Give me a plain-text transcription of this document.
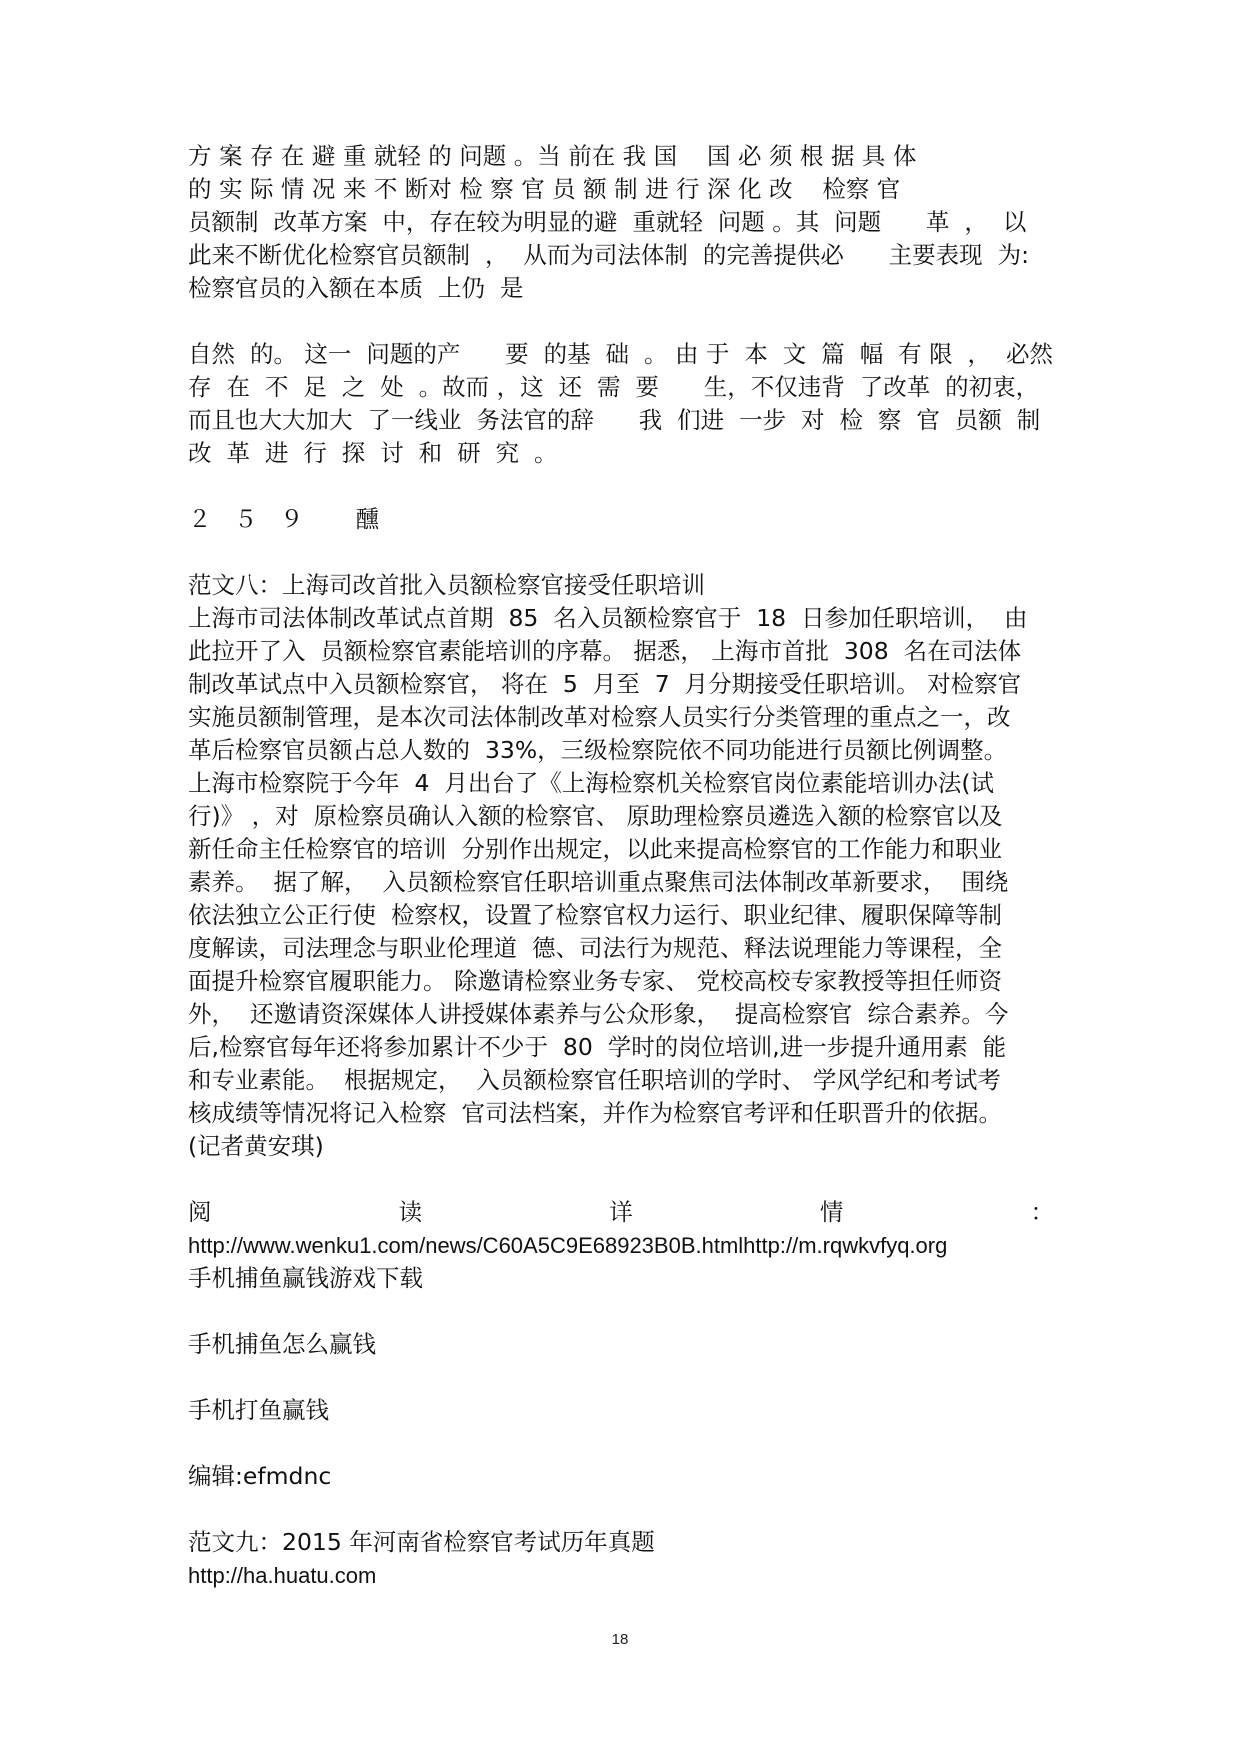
方 案 存 在 避 重 就轻 的 问题 。当 前在 我 国    国 必 须 根 据 具 体
的 实 际 情 况 来 不 断对 检 察 官 员 额 制 进 行 深 化 改    检察 官
员额制  改革方案  中，存在较为明显的避  重就轻  问题 。其  问题      革  ，  以
此来不断优化检察官员额制  ，  从而为司法体制  的完善提供必      主要表现  为:
检察官员的入额在本质  上仍  是
自然  的。 这一  问题的产      要  的基  础  。 由 于  本  文  篇  幅  有 限  ，  必然
存  在  不  足  之  处  。故而 ，这  还  需  要      生，不仅违背  了改革  的初衷，
而且也大大加大  了一线业  务法官的辞      我  们进  一步  对  检  察  官  员额  制
改  革  进  行  探  讨  和  研  究  。
２   ５   ９       醺
范文八：上海司改首批入员额检察官接受任职培训
上海市司法体制改革试点首期  85  名入员额检察官于  18  日参加任职培训，  由
此拉开了入  员额检察官素能培训的序幕。 据悉， 上海市首批  308  名在司法体
制改革试点中入员额检察官， 将在  5  月至  7  月分期接受任职培训。 对检察官
实施员额制管理，是本次司法体制改革对检察人员实行分类管理的重点之一，改
革后检察官员额占总人数的  33%，三级检察院依不同功能进行员额比例调整。
上海市检察院于今年  4  月出台了《上海检察机关检察官岗位素能培训办法(试
行)》 ，对  原检察员确认入额的检察官、 原助理检察员遴选入额的检察官以及
新任命主任检察官的培训  分别作出规定，以此来提高检察官的工作能力和职业
素养。  据了解，  入员额检察官任职培训重点聚焦司法体制改革新要求，  围绕
依法独立公正行使  检察权，设置了检察官权力运行、职业纪律、履职保障等制
度解读，司法理念与职业伦理道  德、司法行为规范、释法说理能力等课程，全
面提升检察官履职能力。 除邀请检察业务专家、 党校高校专家教授等担任师资
外，  还邀请资深媒体人讲授媒体素养与公众形象，  提高检察官  综合素养。今
后,检察官每年还将参加累计不少于  80  学时的岗位培训,进一步提升通用素  能
和专业素能。  根据规定，  入员额检察官任职培训的学时、 学风学纪和考试考
核成绩等情况将记入检察  官司法档案，并作为检察官考评和任职晋升的依据。
(记者黄安琪)
阅	读	详	情	：
http://www.wenku1.com/news/C60A5C9E68923B0B.htmlhttp://m.rqwkvfyq.org
手机捕鱼赢钱游戏下载
手机捕鱼怎么赢钱
手机打鱼赢钱
编辑:efmdnc
范文九：2015 年河南省检察官考试历年真题
http://ha.huatu.com
18
